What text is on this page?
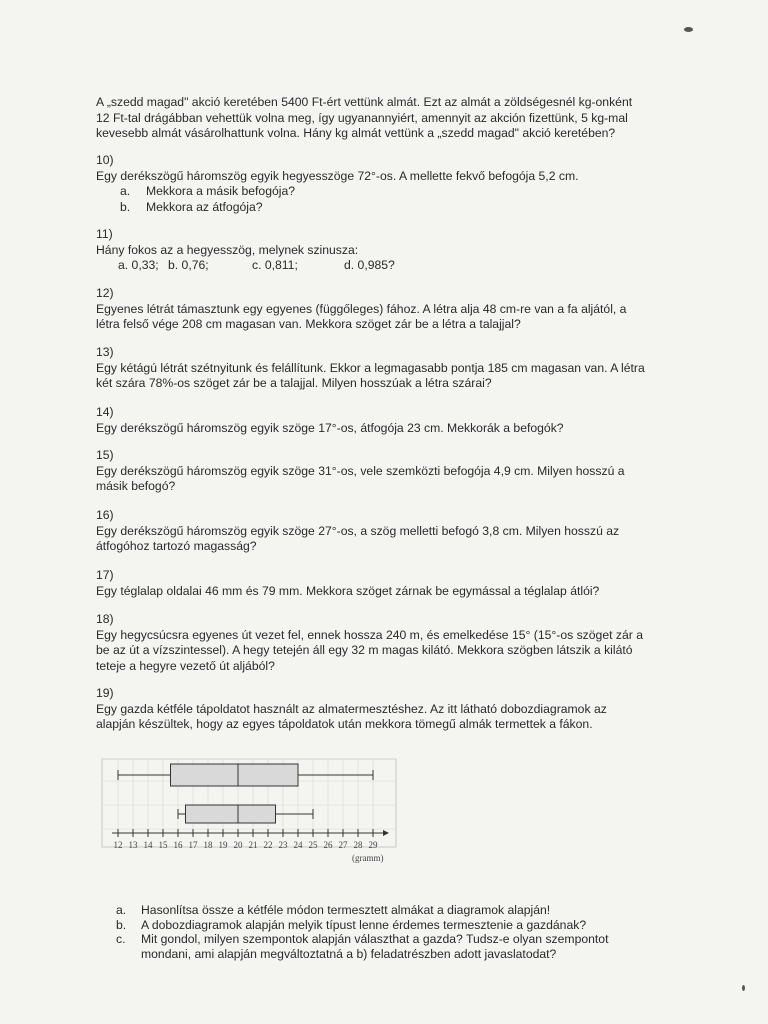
A „szedd magad" akció keretében 5400 Ft-ért vettünk almát. Ezt az almát a zöldségesnél kg-onként

12 Ft-tal drágábban vehettük volna meg, így ugyanannyiért, amennyit az akción fizettünk, 5 kg-mal

kevesebb almát vásárolhattunk volna. Hány kg almát vettünk a „szedd magad" akció keretében?

10)

Egy derékszögű háromszög egyik hegyesszöge 72°-os. A mellette fekvő befogója 5,2 cm.

a. Mekkora a másik befogója?

b. Mekkora az átfogója?

11)

Hány fokos az a hegyesszög, melynek szinusza:

a. 0,33; b. 0,76;	c. 0,811;	d. 0,985?

12)

Egyenes létrát támasztunk egy egyenes (függőleges) fához. A létra alja 48 cm-re van a fa aljától, a

létra felső vége 208 cm magasan van. Mekkora szöget zár be a létra a talajjal?

13)

Egy kétágú létrát szétnyitunk és felállítunk. Ekkor a legmagasabb pontja 185 cm magasan van. A létra

két szára 78%-os szöget zár be a talajjal. Milyen hosszúak a létra szárai?

14)

Egy derékszögű háromszög egyik szöge 17°-os, átfogója 23 cm. Mekkorák a befogók?

15)

Egy derékszögű háromszög egyik szöge 31°-os, vele szemközti befogója 4,9 cm. Milyen hosszú a

másik befogó?

16)

Egy derékszögű háromszög egyik szöge 27°-os, a szög melletti befogó 3,8 cm. Milyen hosszú az

átfogóhoz tartozó magasság?

17)

Egy téglalap oldalai 46 mm és 79 mm. Mekkora szöget zárnak be egymással a téglalap átlói?

18)

Egy hegycsúcsra egyenes út vezet fel, ennek hossza 240 m, és emelkedése 15° (15°-os szöget zár a

be az út a vízszintessel). A hegy tetején áll egy 32 m magas kilátó. Mekkora szögben látszik a kilátó

teteje a hegyre vezető út aljából?

19)

Egy gazda kétféle tápoldatot használt az almatermesztéshez. Az itt látható dobozdiagramok az

alapján készültek, hogy az egyes tápoldatok után mekkora tömegű almák termettek a fákon.

12 13 14 15 16 17 18 19 20 21 22 23 24 25 26 27 28 29
(gramm)
a.	Hasonlítsa össze a kétféle módon termesztett almákat a diagramok alapján!
b.	A dobozdiagramok alapján melyik típust lenne érdemes termesztenie a gazdának?
c.	Mit gondol, milyen szempontok alapján választhat a gazda? Tudsz-e olyan szempontot
mondani, ami alapján megváltoztatná a b) feladatrészben adott javaslatodat?
